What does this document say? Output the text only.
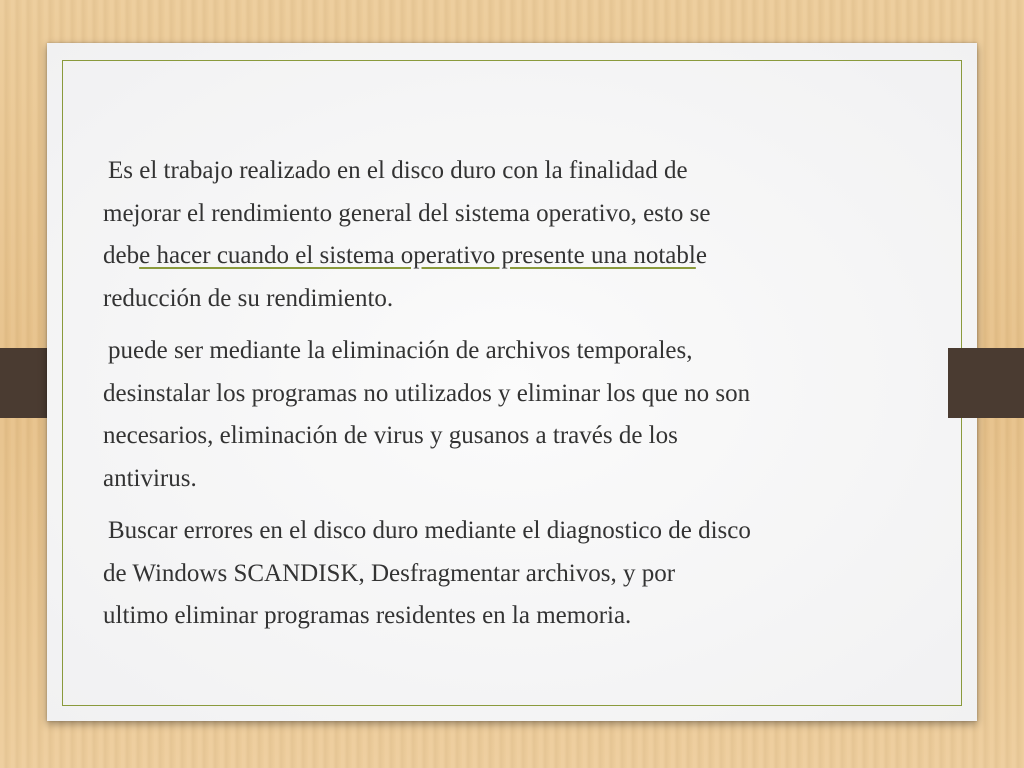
Es el trabajo realizado en el disco duro con la finalidad de
mejorar el rendimiento general del sistema operativo, esto se
debe hacer cuando el sistema operativo presente una notable
reducción de su rendimiento.
puede ser mediante la eliminación de archivos temporales,
desinstalar los programas no utilizados y eliminar los que no son
necesarios, eliminación de virus y gusanos a través de los
antivirus.
Buscar errores en el disco duro mediante el diagnostico de disco
de Windows SCANDISK, Desfragmentar archivos, y por
ultimo eliminar programas residentes en la memoria.
